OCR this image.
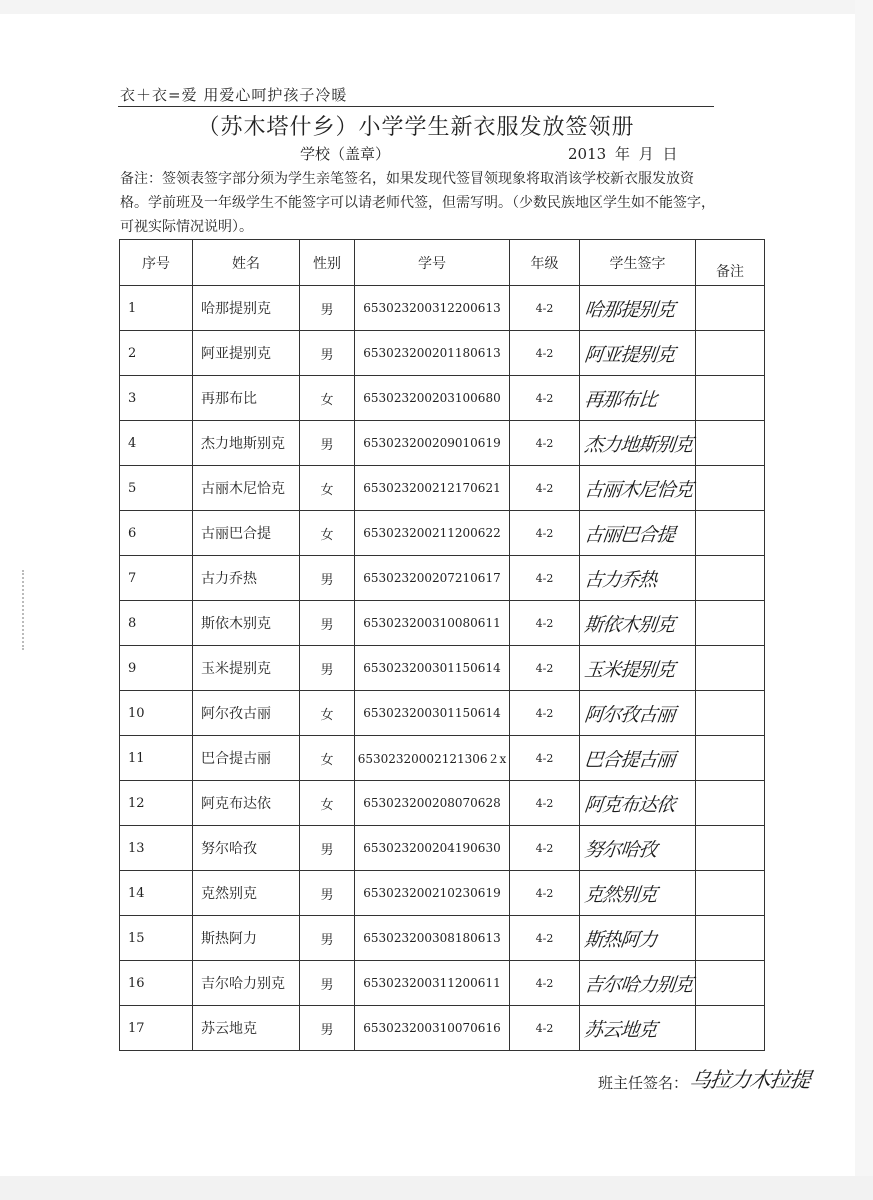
衣＋衣=爱 用爱心呵护孩子冷暖
（苏木塔什乡）小学学生新衣服发放签领册
学校（盖章）	2013 年 月 日
备注：签领表签字部分须为学生亲笔签名，如果发现代签冒领现象将取消该学校新衣服发放资格。学前班及一年级学生不能签字可以请老师代签，但需写明。（少数民族地区学生如不能签字，可视实际情况说明）。
序号	姓名	性别	学号	年级	学生签字	备注
1	哈那提别克	男	653023200312200613	4-2	哈那提别克	
2	阿亚提别克	男	653023200201180613	4-2	阿亚提别克	
3	再那布比	女	653023200203100680	4-2	再那布比	
4	杰力地斯别克	男	653023200209010619	4-2	杰力地斯别克	
5	古丽木尼恰克	女	653023200212170621	4-2	古丽木尼恰克	
6	古丽巴合提	女	653023200211200622	4-2	古丽巴合提	
7	古力乔热	男	653023200207210617	4-2	古力乔热	
8	斯依木别克	男	653023200310080611	4-2	斯依木别克	
9	玉米提别克	男	653023200301150614	4-2	玉米提别克	
10	阿尔孜古丽	女	653023200301150614	4-2	阿尔孜古丽	
11	巴合提古丽	女	65302320002121306２x	4-2	巴合提古丽	
12	阿克布达依	女	653023200208070628	4-2	阿克布达依	
13	努尔哈孜	男	653023200204190630	4-2	努尔哈孜	
14	克然别克	男	653023200210230619	4-2	克然别克	
15	斯热阿力	男	653023200308180613	4-2	斯热阿力	
16	吉尔哈力别克	男	653023200311200611	4-2	吉尔哈力别克	
17	苏云地克	男	653023200310070616	4-2	苏云地克	
班主任签名： 乌拉力木拉提
